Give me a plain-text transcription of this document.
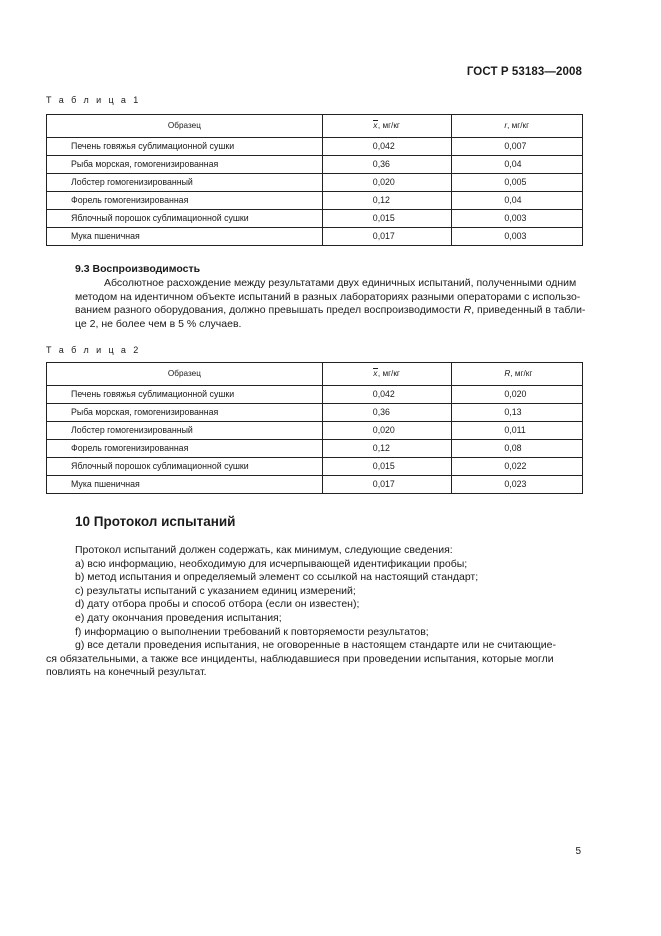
ГОСТ Р 53183—2008
Т а б л и ц а 1
Образец	x, мг/кг	r, мг/кг
Печень говяжья сублимационной сушки	0,042	0,007
Рыба морская, гомогенизированная	0,36	0,04
Лобстер гомогенизированный	0,020	0,005
Форель гомогенизированная	0,12	0,04
Яблочный порошок сублимационной сушки	0,015	0,003
Мука пшеничная	0,017	0,003
9.3 Воспроизводимость
Абсолютное расхождение между результатами двух единичных испытаний, полученными одним
методом на идентичном объекте испытаний в разных лабораториях разными операторами с использо-
ванием разного оборудования, должно превышать предел воспроизводимости R, приведенный в табли-
це 2, не более чем в 5 % случаев.
Т а б л и ц а 2
Образец	x, мг/кг	R, мг/кг
Печень говяжья сублимационной сушки	0,042	0,020
Рыба морская, гомогенизированная	0,36	0,13
Лобстер гомогенизированный	0,020	0,011
Форель гомогенизированная	0,12	0,08
Яблочный порошок сублимационной сушки	0,015	0,022
Мука пшеничная	0,017	0,023
10 Протокол испытаний
Протокол испытаний должен содержать, как минимум, следующие сведения:
a) всю информацию, необходимую для исчерпывающей идентификации пробы;
b) метод испытания и определяемый элемент со ссылкой на настоящий стандарт;
c) результаты испытаний с указанием единиц измерений;
d) дату отбора пробы и способ отбора (если он известен);
e) дату окончания проведения испытания;
f) информацию о выполнении требований к повторяемости результатов;
g) все детали проведения испытания, не оговоренные в настоящем стандарте или не считающие-
ся обязательными, а также все инциденты, наблюдавшиеся при проведении испытания, которые могли
повлиять на конечный результат.
5
